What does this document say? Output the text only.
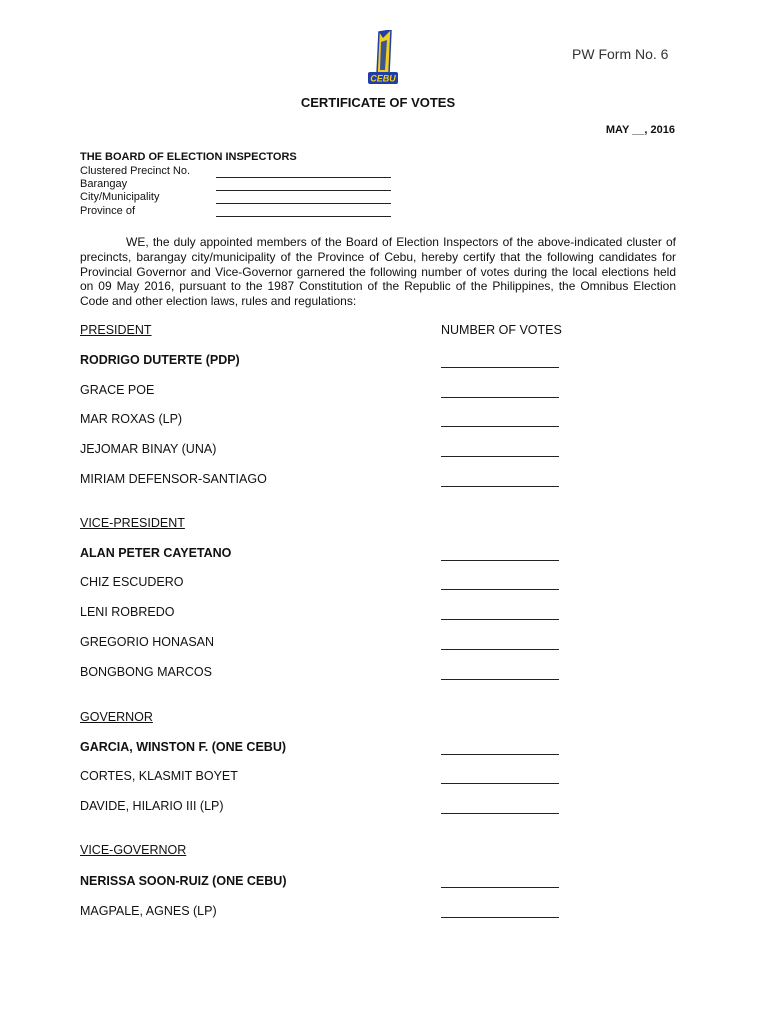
CEBU
PW Form No. 6
CERTIFICATE OF VOTES
MAY __, 2016
THE BOARD OF ELECTION INSPECTORS
Clustered Precinct No.
Barangay
City/Municipality
Province of

WE, the duly appointed members of the Board of Election Inspectors of the above-indicated cluster of precincts, barangay city/municipality of the Province of Cebu, hereby certify that the following candidates for Provincial Governor and Vice-Governor garnered the following number of votes during the local elections held on 09 May 2016, pursuant to the 1987 Constitution of the Republic of the Philippines, the Omnibus Election Code and other election laws, rules and regulations:

NUMBER OF VOTES
PRESIDENT
RODRIGO DUTERTE (PDP)
GRACE POE
MAR ROXAS (LP)
JEJOMAR BINAY (UNA)
MIRIAM DEFENSOR-SANTIAGO
VICE-PRESIDENT
ALAN PETER CAYETANO
CHIZ ESCUDERO
LENI ROBREDO
GREGORIO HONASAN
BONGBONG MARCOS
GOVERNOR
GARCIA, WINSTON F. (ONE CEBU)
CORTES, KLASMIT BOYET
DAVIDE, HILARIO III (LP)
VICE-GOVERNOR
NERISSA SOON-RUIZ (ONE CEBU)
MAGPALE, AGNES (LP)
